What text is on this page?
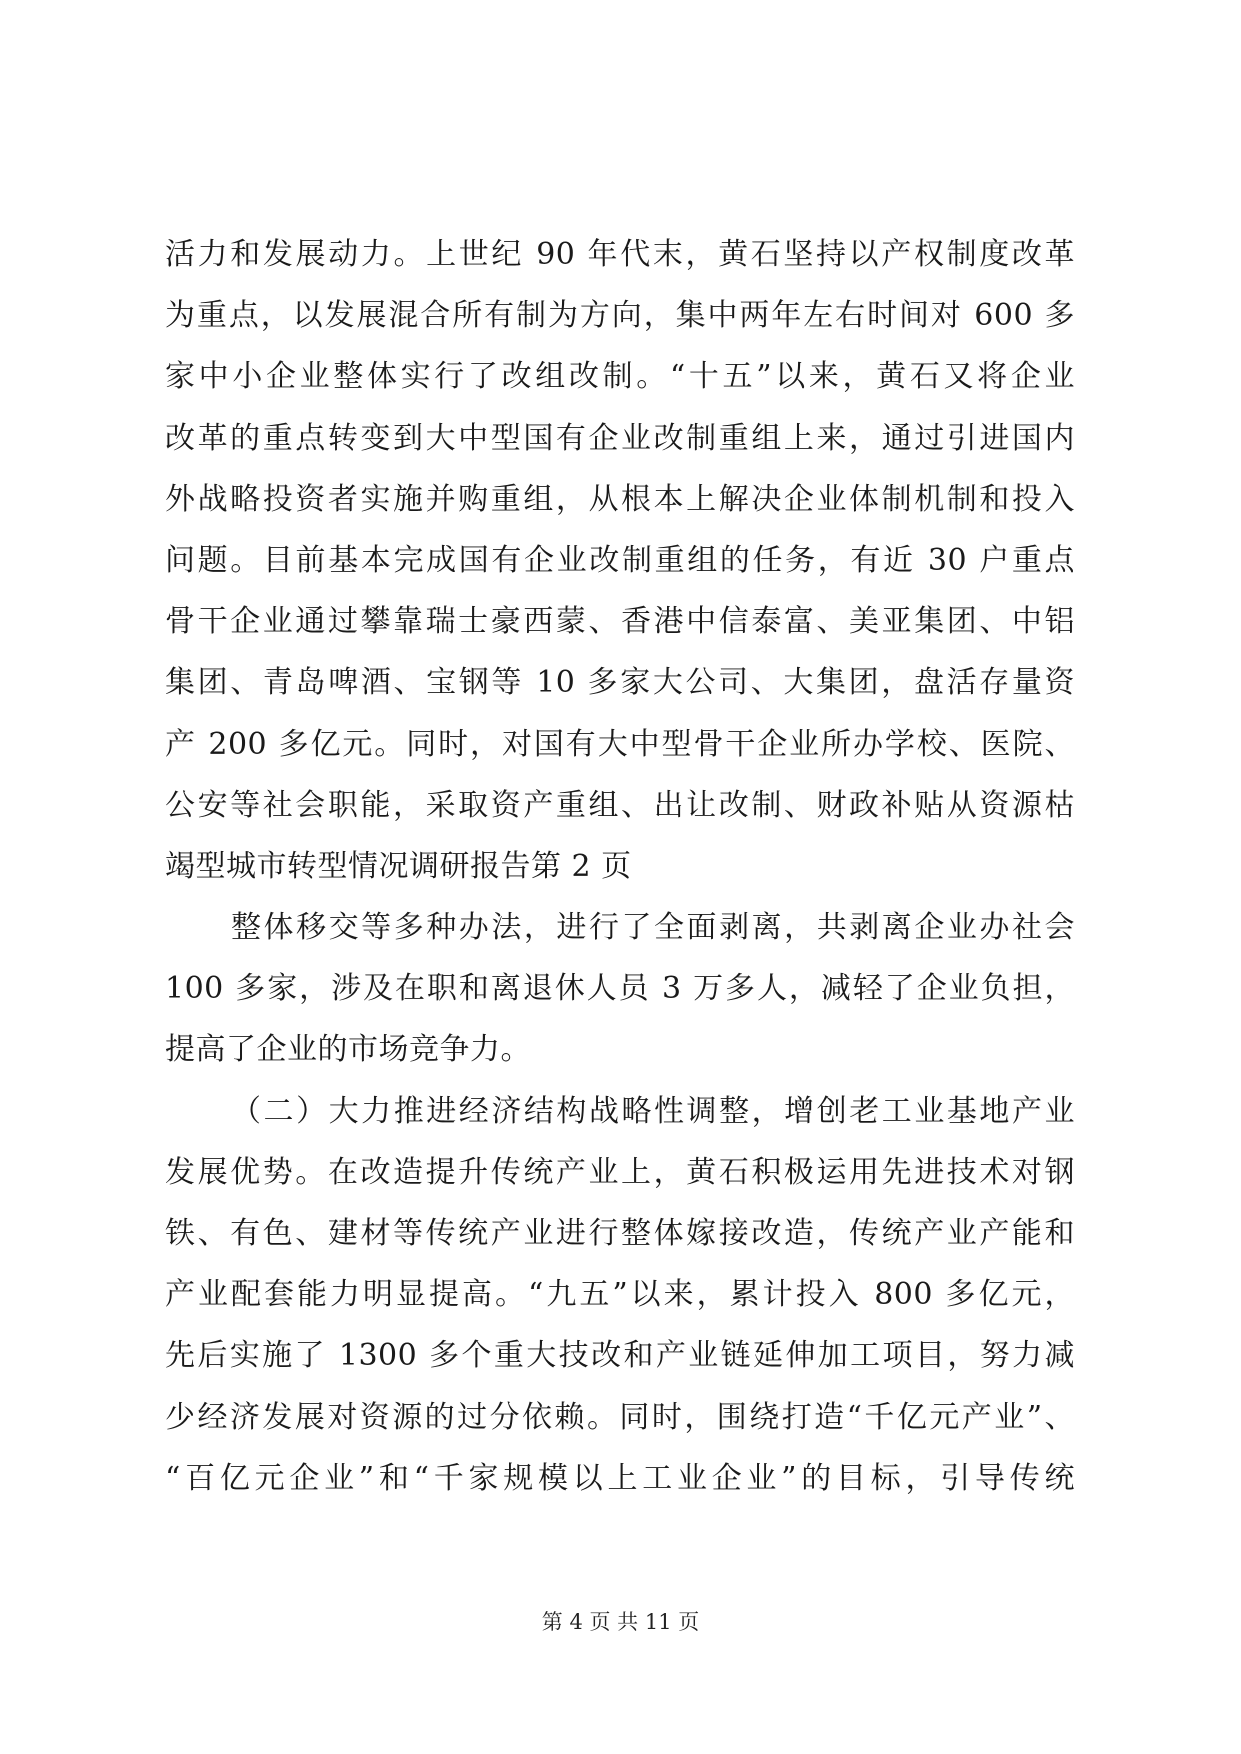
活力和发展动力。上世纪 90 年代末，黄石坚持以产权制度改革
为重点，以发展混合所有制为方向，集中两年左右时间对 600 多
家中小企业整体实行了改组改制。“十五”以来，黄石又将企业
改革的重点转变到大中型国有企业改制重组上来，通过引进国内
外战略投资者实施并购重组，从根本上解决企业体制机制和投入
问题。目前基本完成国有企业改制重组的任务，有近 30 户重点
骨干企业通过攀靠瑞士豪西蒙、香港中信泰富、美亚集团、中铝
集团、青岛啤酒、宝钢等 10 多家大公司、大集团，盘活存量资
产 200 多亿元。同时，对国有大中型骨干企业所办学校、医院、
公安等社会职能，采取资产重组、出让改制、财政补贴从资源枯
竭型城市转型情况调研报告第 2 页
整体移交等多种办法，进行了全面剥离，共剥离企业办社会
100 多家，涉及在职和离退休人员 3 万多人，减轻了企业负担，
提高了企业的市场竞争力。
（二）大力推进经济结构战略性调整，增创老工业基地产业
发展优势。在改造提升传统产业上，黄石积极运用先进技术对钢
铁、有色、建材等传统产业进行整体嫁接改造，传统产业产能和
产业配套能力明显提高。“九五”以来，累计投入 800 多亿元，
先后实施了 1300 多个重大技改和产业链延伸加工项目，努力减
少经济发展对资源的过分依赖。同时，围绕打造“千亿元产业”、
“百亿元企业”和“千家规模以上工业企业”的目标，引导传统
第 4 页 共 11 页
